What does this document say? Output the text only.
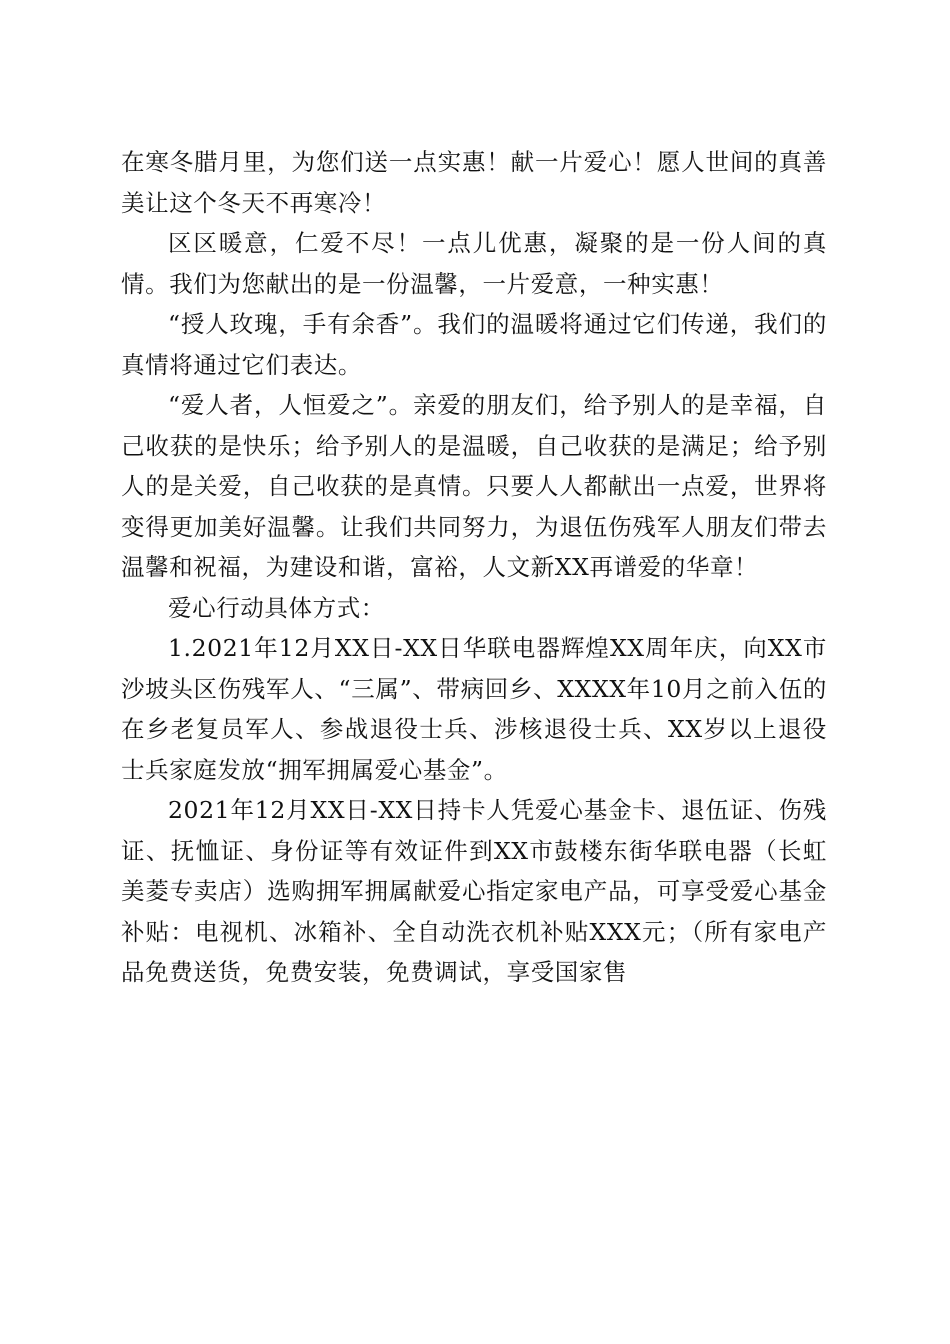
在寒冬腊月里，为您们送一点实惠！献一片爱心！愿人世间的真善美让这个冬天不再寒冷！

区区暖意，仁爱不尽！一点儿优惠，凝聚的是一份人间的真情。我们为您献出的是一份温馨，一片爱意，一种实惠！

“授人玫瑰，手有余香”。我们的温暖将通过它们传递，我们的真情将通过它们表达。

“爱人者，人恒爱之”。亲爱的朋友们，给予别人的是幸福，自己收获的是快乐；给予别人的是温暖，自己收获的是满足；给予别人的是关爱，自己收获的是真情。只要人人都献出一点爱，世界将变得更加美好温馨。让我们共同努力，为退伍伤残军人朋友们带去温馨和祝福，为建设和谐，富裕，人文新XX再谱爱的华章！

爱心行动具体方式：

1.2021年12月XX日-XX日华联电器辉煌XX周年庆，向XX市沙坡头区伤残军人、“三属”、带病回乡、XXXX年10月之前入伍的在乡老复员军人、参战退役士兵、涉核退役士兵、XX岁以上退役士兵家庭发放“拥军拥属爱心基金”。

2021年12月XX日-XX日持卡人凭爱心基金卡、退伍证、伤残证、抚恤证、身份证等有效证件到XX市鼓楼东街华联电器（长虹美菱专卖店）选购拥军拥属献爱心指定家电产品，可享受爱心基金补贴：电视机、冰箱补、全自动洗衣机补贴XXX元；（所有家电产品免费送货，免费安装，免费调试，享受国家售
